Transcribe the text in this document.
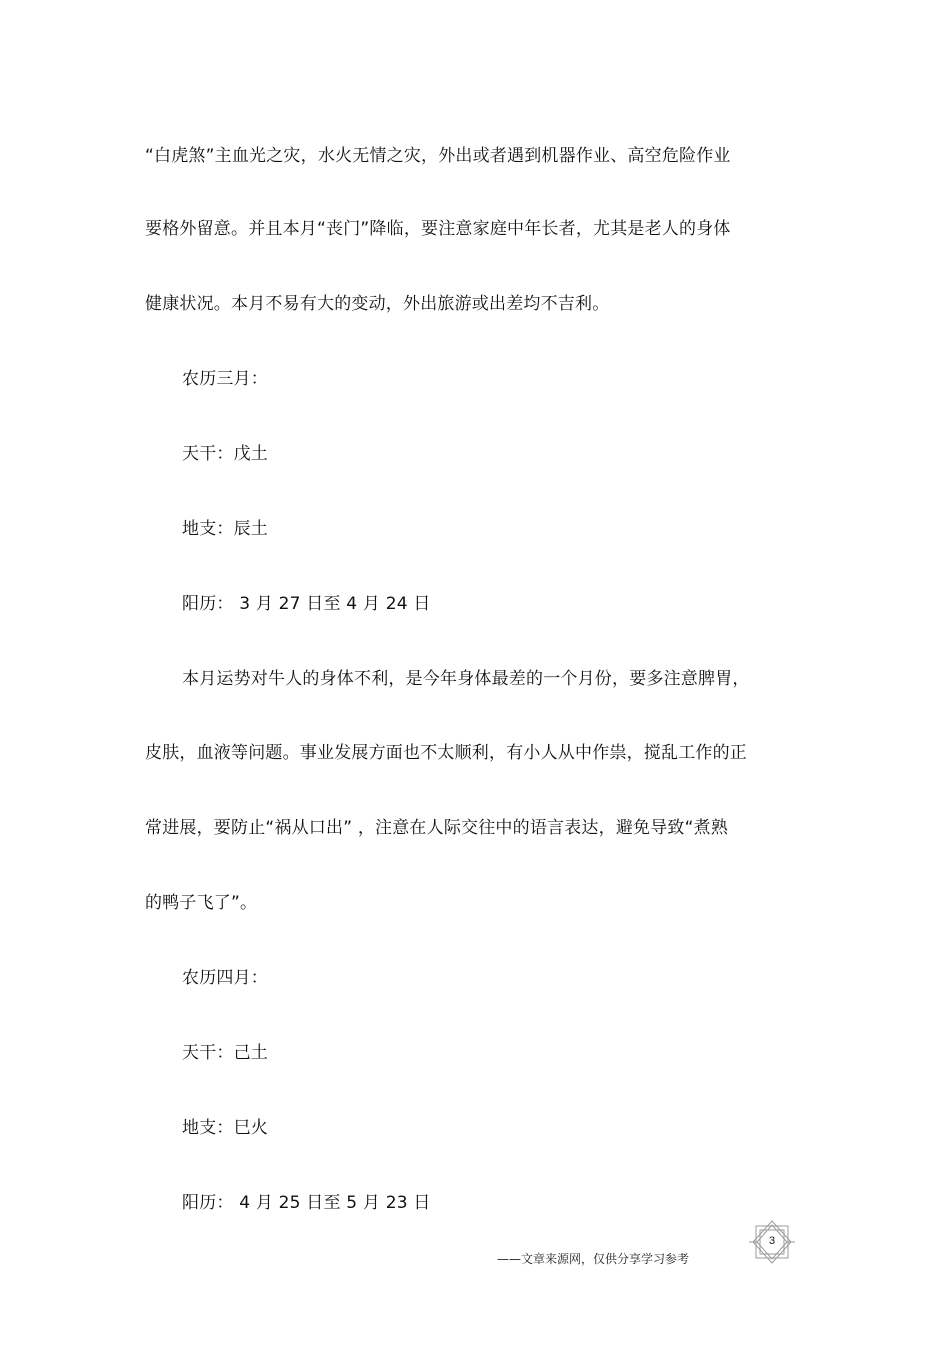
“白虎煞”主血光之灾，水火无情之灾，外出或者遇到机器作业、高空危险作业
要格外留意。并且本月“丧门”降临，要注意家庭中年长者，尤其是老人的身体
健康状况。本月不易有大的变动，外出旅游或出差均不吉利。
农历三月：
天干：戊土
地支：辰土
阳历： 3 月 27 日至 4 月 24 日
本月运势对牛人的身体不利，是今年身体最差的一个月份，要多注意脾胃，
皮肤，血液等问题。事业发展方面也不太顺利，有小人从中作祟，搅乱工作的正
常进展，要防止“祸从口出” ，注意在人际交往中的语言表达，避免导致“煮熟
的鸭子飞了”。
农历四月：
天干：己土
地支：巳火
阳历： 4 月 25 日至 5 月 23 日
3
——文章来源网，仅供分享学习参考
